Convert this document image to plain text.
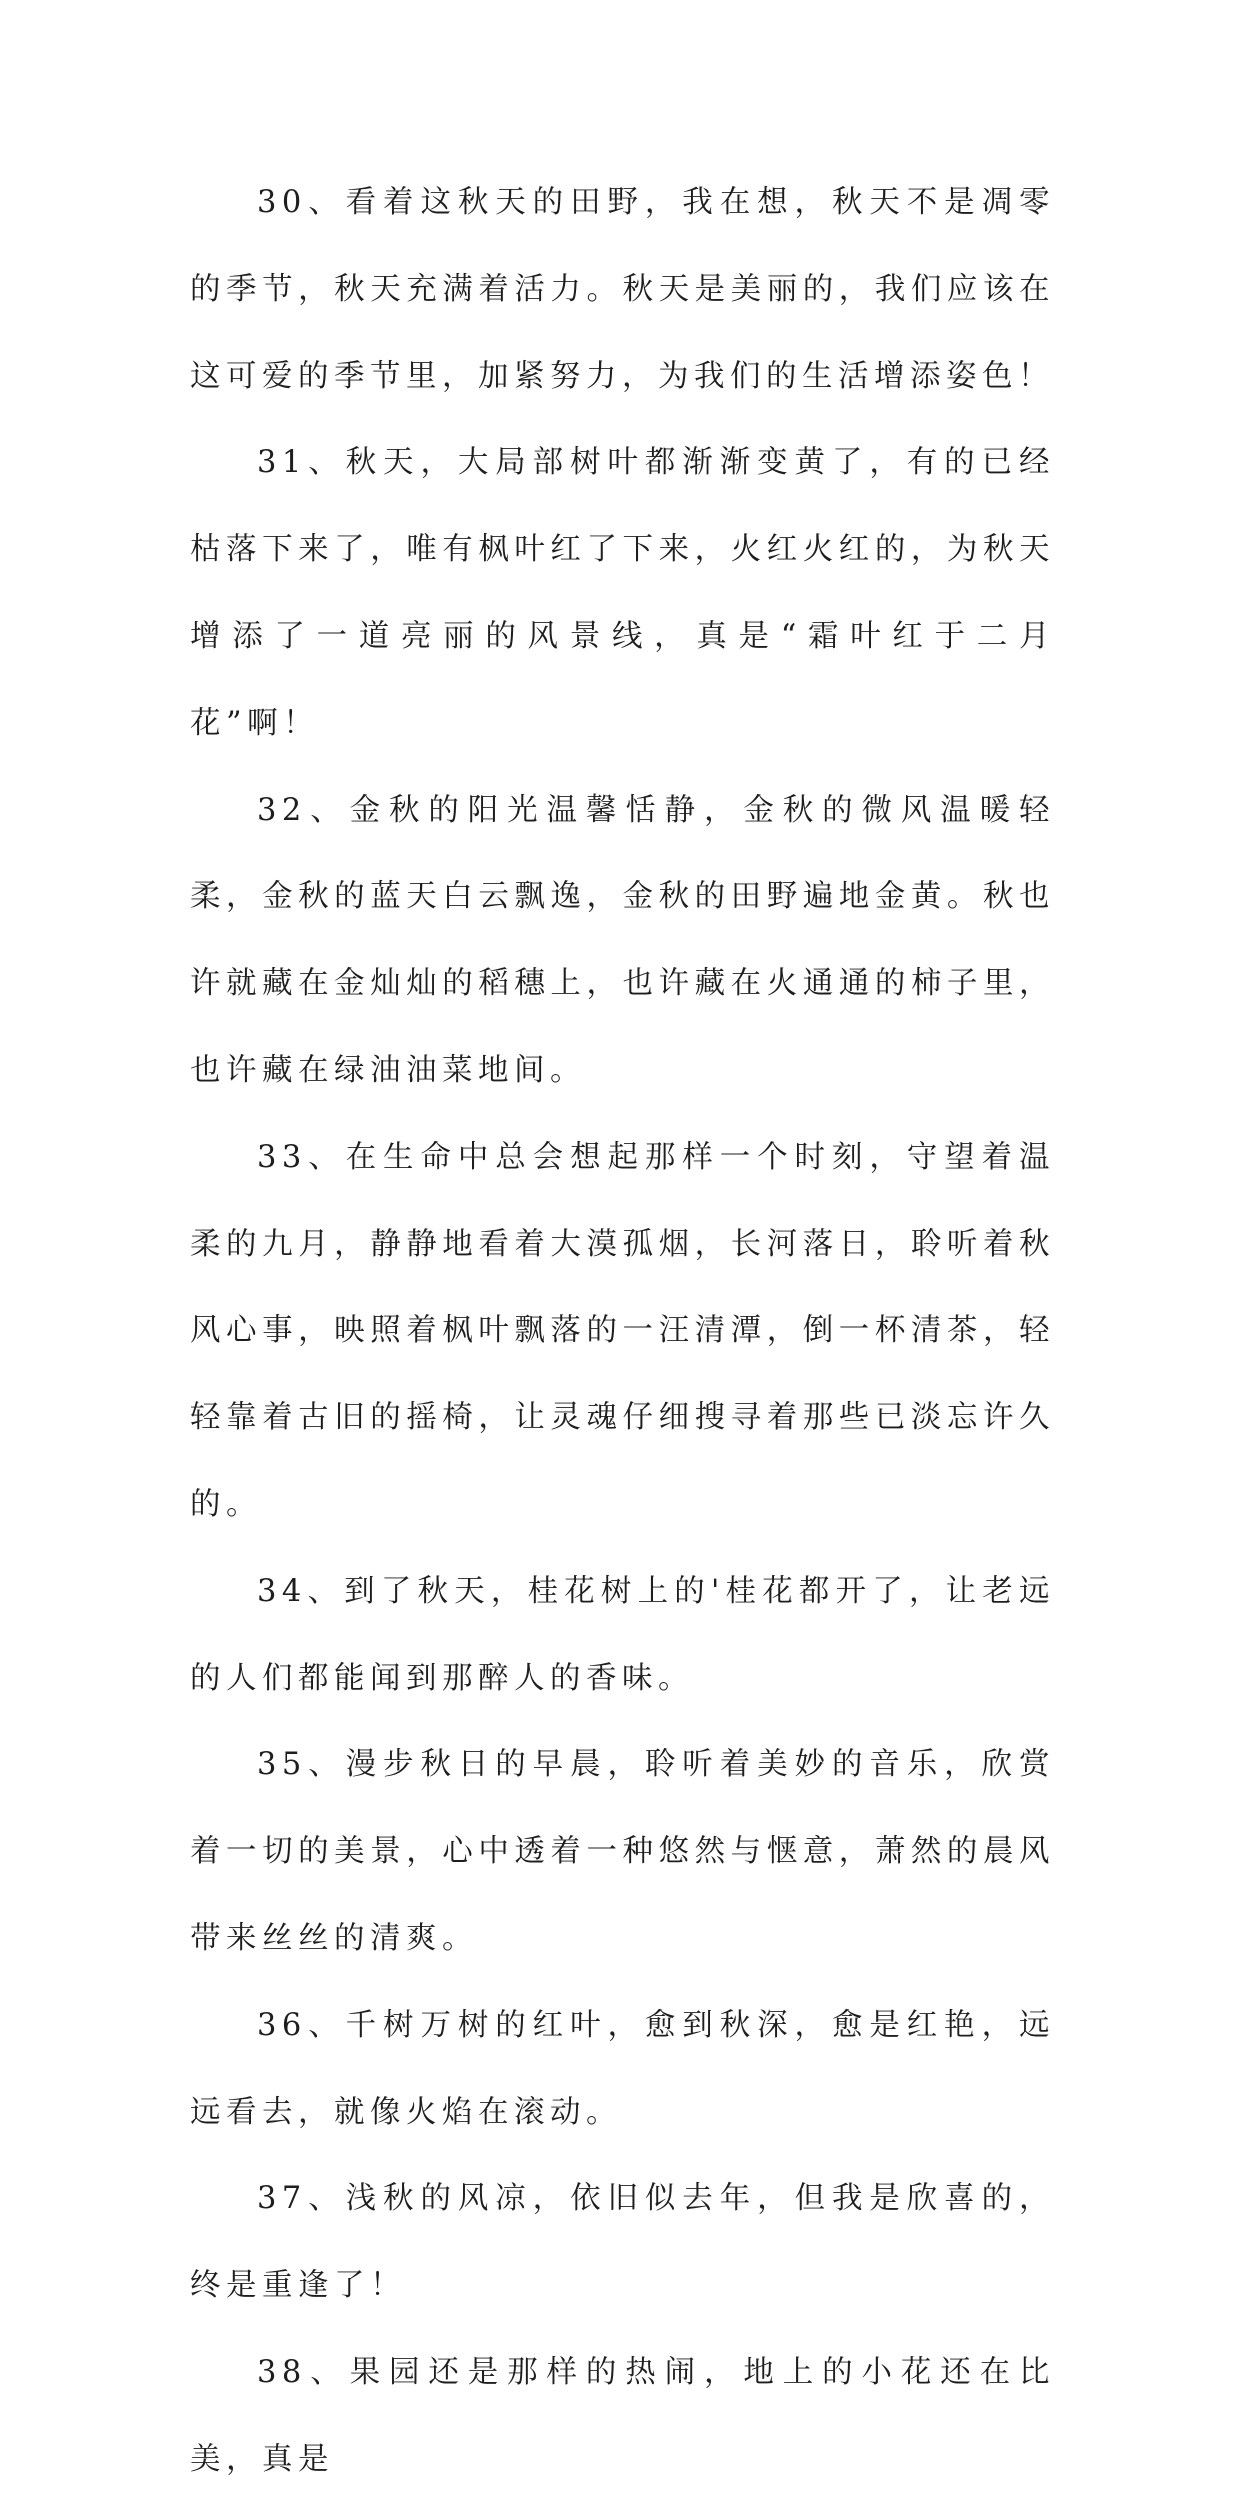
30、看着这秋天的田野，我在想，秋天不是凋零的季节，秋天充满着活力。秋天是美丽的，我们应该在这可爱的季节里，加紧努力，为我们的生活增添姿色！

31、秋天，大局部树叶都渐渐变黄了，有的已经枯落下来了，唯有枫叶红了下来，火红火红的，为秋天增添了一道亮丽的风景线，真是“霜叶红于二月花”啊！

32、金秋的阳光温馨恬静，金秋的微风温暖轻柔，金秋的蓝天白云飘逸，金秋的田野遍地金黄。秋也许就藏在金灿灿的稻穗上，也许藏在火通通的柿子里，也许藏在绿油油菜地间。

33、在生命中总会想起那样一个时刻，守望着温柔的九月，静静地看着大漠孤烟，长河落日，聆听着秋风心事，映照着枫叶飘落的一汪清潭，倒一杯清茶，轻轻靠着古旧的摇椅，让灵魂仔细搜寻着那些已淡忘许久的。

34、到了秋天，桂花树上的'桂花都开了，让老远的人们都能闻到那醉人的香味。

35、漫步秋日的早晨，聆听着美妙的音乐，欣赏着一切的美景，心中透着一种悠然与惬意，萧然的晨风带来丝丝的清爽。

36、千树万树的红叶，愈到秋深，愈是红艳，远远看去，就像火焰在滚动。

37、浅秋的风凉，依旧似去年，但我是欣喜的，终是重逢了！

38、果园还是那样的热闹，地上的小花还在比美，真是
